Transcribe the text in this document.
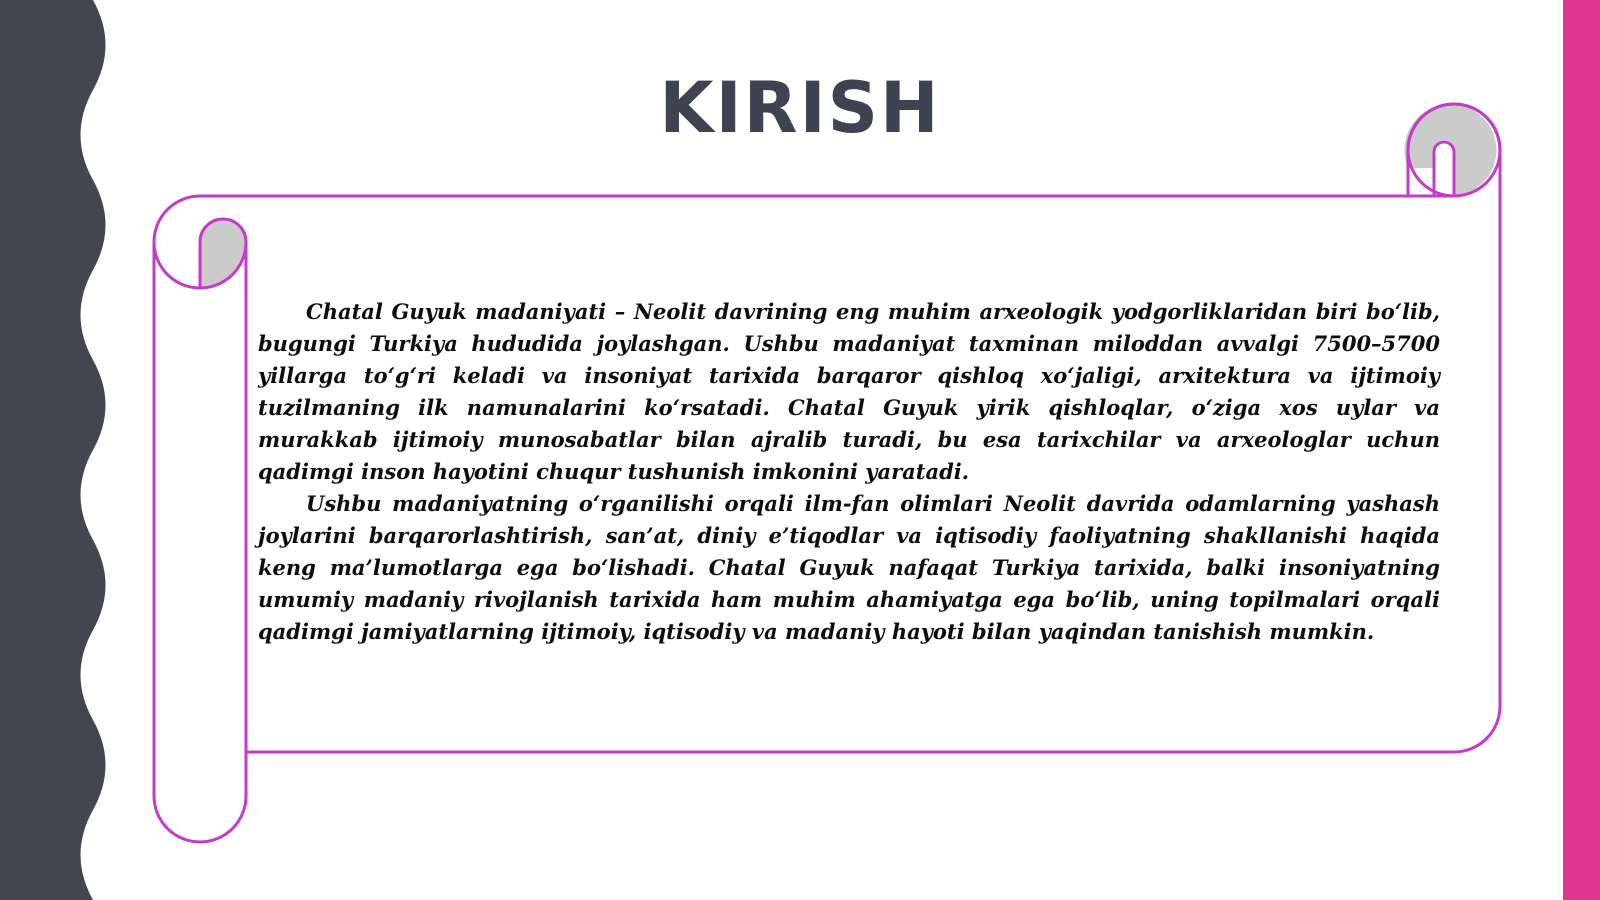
KIRISH

Chatal Guyuk madaniyati – Neolit davrining eng muhim arxeologik yodgorliklaridan biri bo‘lib, bugungi Turkiya hududida joylashgan. Ushbu madaniyat taxminan miloddan avvalgi 7500–5700 yillarga to‘g‘ri keladi va insoniyat tarixida barqaror qishloq xo‘jaligi, arxitektura va ijtimoiy tuzilmaning ilk namunalarini ko‘rsatadi. Chatal Guyuk yirik qishloqlar, o‘ziga xos uylar va murakkab ijtimoiy munosabatlar bilan ajralib turadi, bu esa tarixchilar va arxeologlar uchun qadimgi inson hayotini chuqur tushunish imkonini yaratadi.

Ushbu madaniyatning o‘rganilishi orqali ilm-fan olimlari Neolit davrida odamlarning yashash joylarini barqarorlashtirish, san’at, diniy e’tiqodlar va iqtisodiy faoliyatning shakllanishi haqida keng ma’lumotlarga ega bo‘lishadi. Chatal Guyuk nafaqat Turkiya tarixida, balki insoniyatning umumiy madaniy rivojlanish tarixida ham muhim ahamiyatga ega bo‘lib, uning topilmalari orqali qadimgi jamiyatlarning ijtimoiy, iqtisodiy va madaniy hayoti bilan yaqindan tanishish mumkin.
